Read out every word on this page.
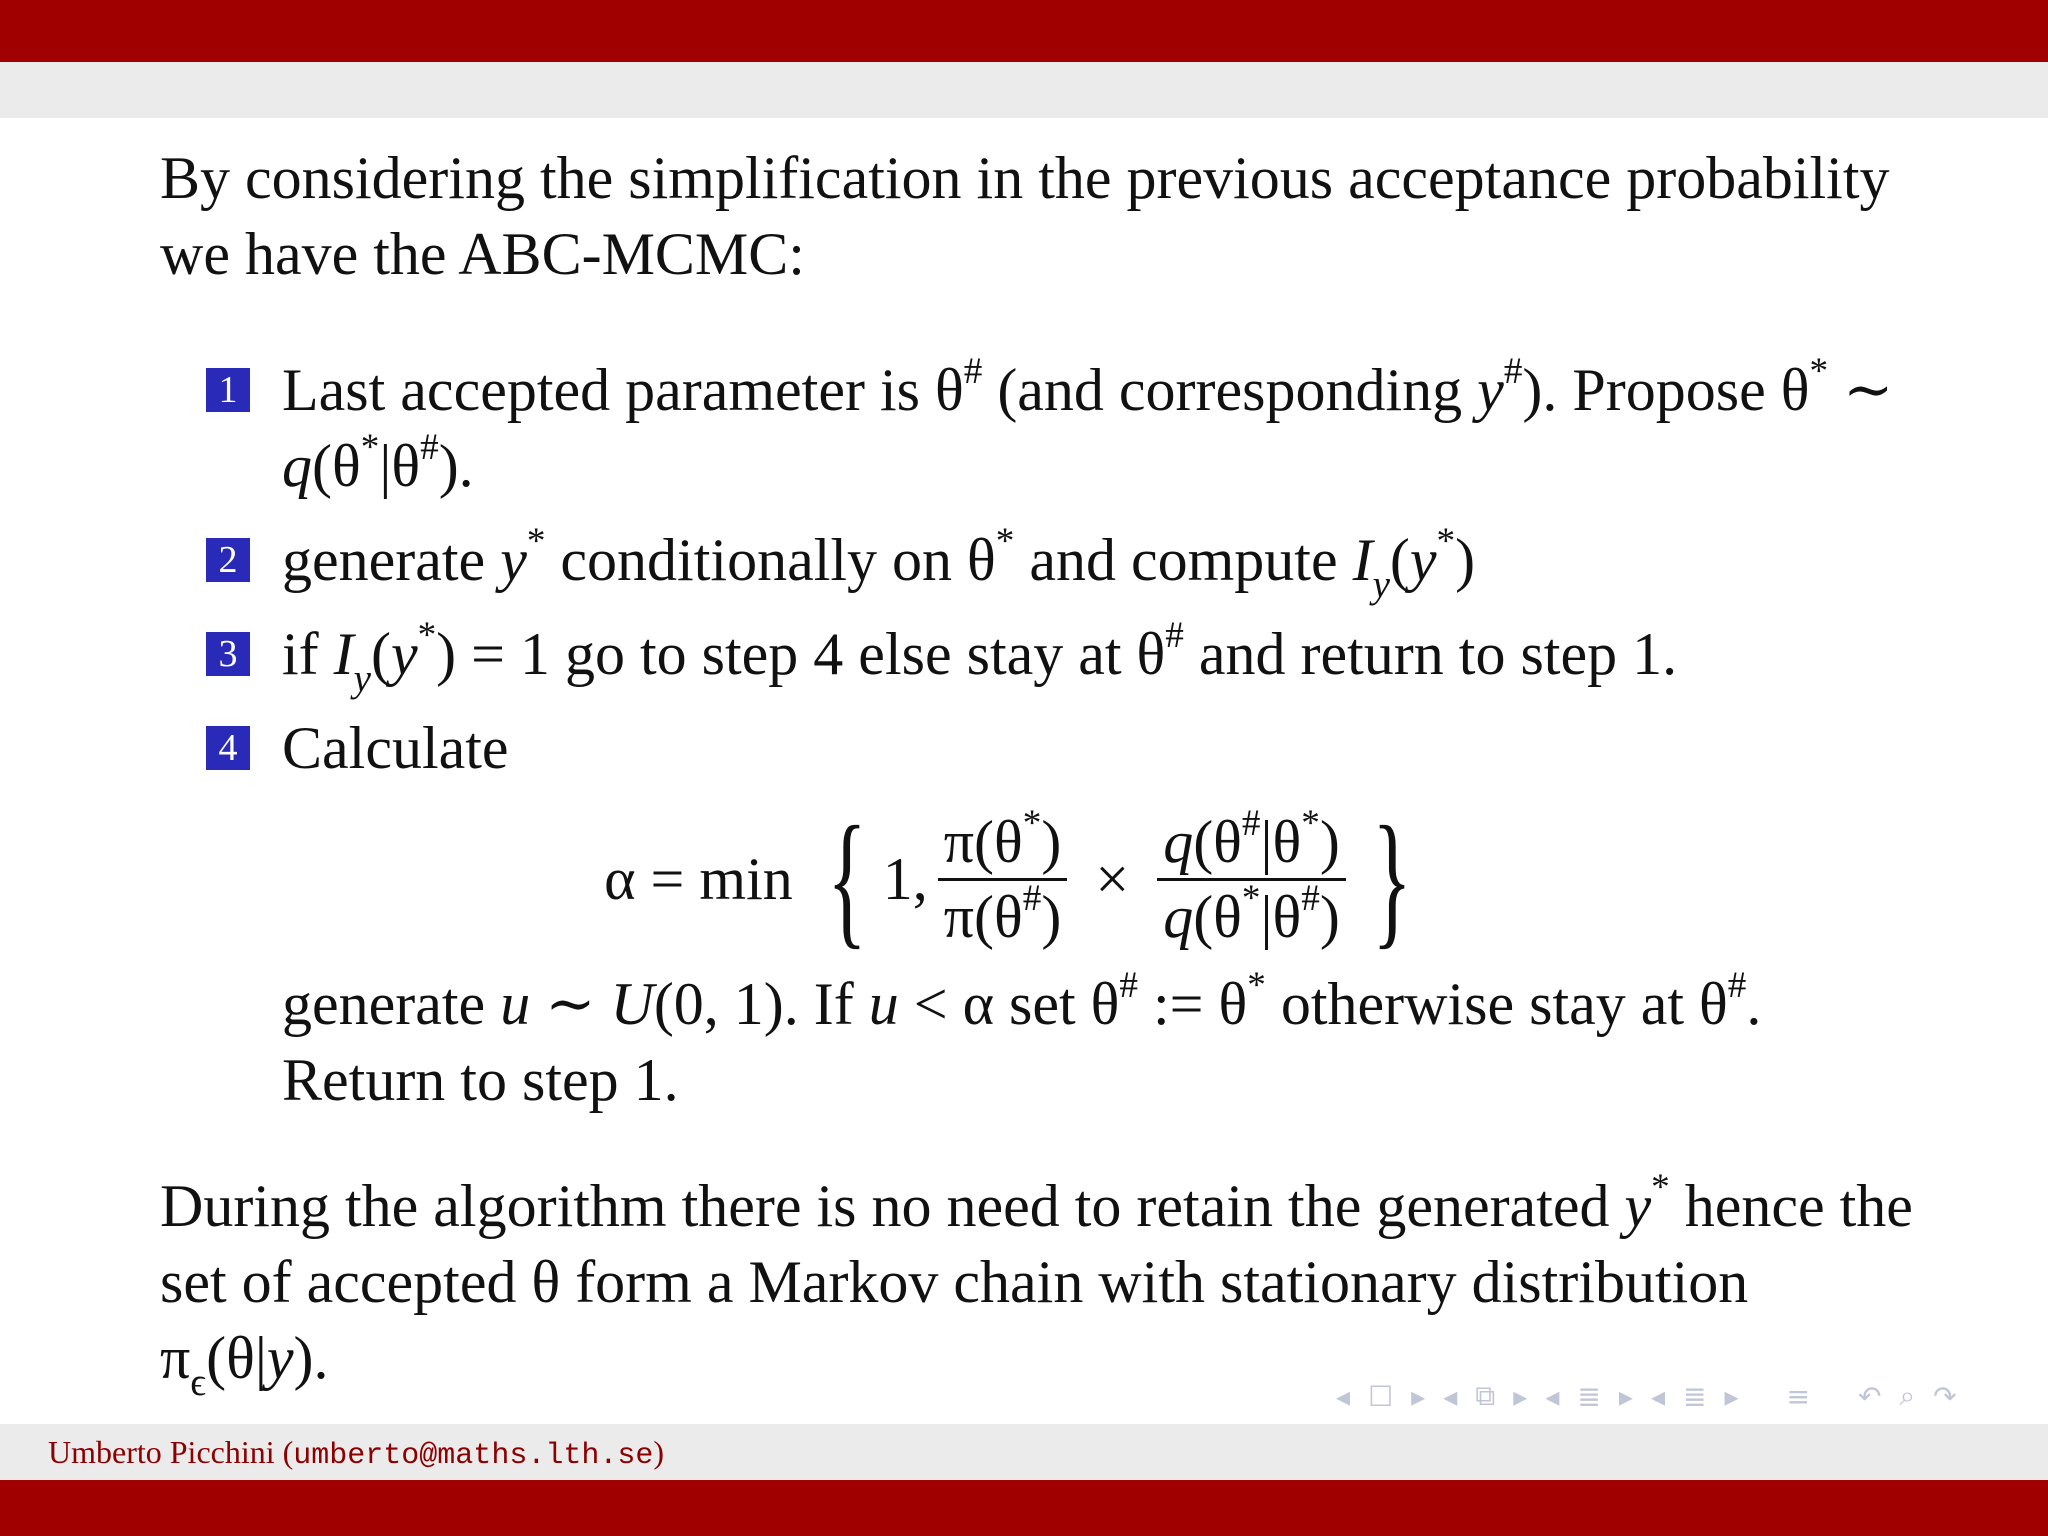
By considering the simplification in the previous acceptance probability we have the ABC-MCMC:

1 Last accepted parameter is θ# (and corresponding y#). Propose θ* ∼ q(θ*|θ#).
2 generate y* conditionally on θ* and compute $I_y(y^*)$
3 if $I_y(y^*) = 1$ go to step 4 else stay at θ# and return to step 1.
4 Calculate
α = min { 1, $\frac{\pi(\theta^*)}{\pi(\theta^{\#})} \times \frac{q(\theta^{\#}|\theta^*)}{q(\theta^*|\theta^{\#})}$ }
generate u ∼ U(0, 1). If u < α set θ# := θ* otherwise stay at θ#.
Return to step 1.

During the algorithm there is no need to retain the generated y* hence the set of accepted θ form a Markov chain with stationary distribution $\pi_\epsilon(\theta|y)$.

◂ ☐ ▸ ◂ ⧉ ▸ ◂ ≣ ▸ ◂ ≣ ▸ ≡ ↶ ⌕ ↷
Umberto Picchini (umberto@maths.lth.se)
